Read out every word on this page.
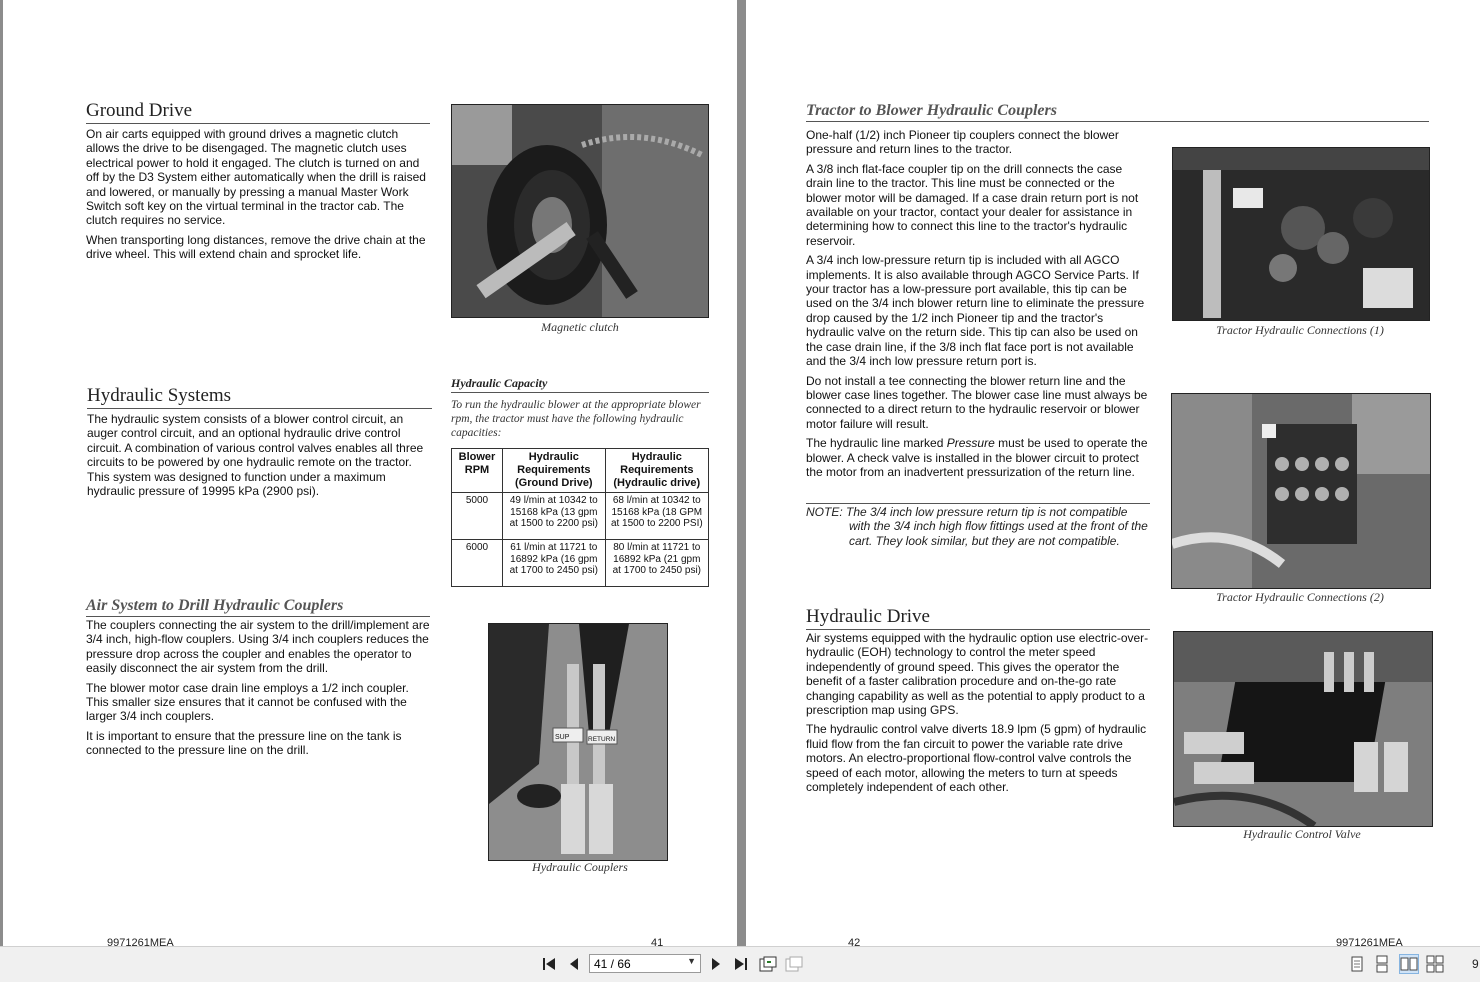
Ground Drive

On air carts equipped with ground drives a magnetic clutch allows the drive to be disengaged. The magnetic clutch uses electrical power to hold it engaged. The clutch is turned on and off by the D3 System either automatically when the drill is raised and lowered, or manually by pressing a manual Master Work Switch soft key on the virtual terminal in the tractor cab. The clutch requires no service.

When transporting long distances, remove the drive chain at the drive wheel. This will extend chain and sprocket life.

Magnetic clutch
Hydraulic Systems

The hydraulic system consists of a blower control circuit, an auger control circuit, and an optional hydraulic drive control circuit. A combination of various control valves enables all three circuits to be powered by one hydraulic remote on the tractor. This system was designed to function under a maximum hydraulic pressure of 19995 kPa (2900 psi).

Hydraulic Capacity
To run the hydraulic blower at the appropriate blower rpm, the tractor must have the following hydraulic capacities:
Blower RPM	Hydraulic Requirements (Ground Drive)	Hydraulic Requirements (Hydraulic drive)
5000	49 l/min at 10342 to 15168 kPa (13 gpm at 1500 to 2200 psi)	68 l/min at 10342 to 15168 kPa (18 GPM at 1500 to 2200 PSI)
6000	61 l/min at 11721 to 16892 kPa (16 gpm at 1700 to 2450 psi)	80 l/min at 11721 to 16892 kPa (21 gpm at 1700 to 2450 psi)
Air System to Drill Hydraulic Couplers

The couplers connecting the air system to the drill/implement are 3/4 inch, high-flow couplers. Using 3/4 inch couplers reduces the pressure drop across the coupler and enables the operator to easily disconnect the air system from the drill.

The blower motor case drain line employs a 1/2 inch coupler. This smaller size ensures that it cannot be confused with the larger 3/4 inch couplers.

It is important to ensure that the pressure line on the tank is connected to the pressure line on the drill.

SUP	RETURN
Hydraulic Couplers
9971261MEA	41
Tractor to Blower Hydraulic Couplers

One-half (1/2) inch Pioneer tip couplers connect the blower pressure and return lines to the tractor.

A 3/8 inch flat-face coupler tip on the drill connects the case drain line to the tractor. This line must be connected or the blower motor will be damaged. If a case drain return port is not available on your tractor, contact your dealer for assistance in determining how to connect this line to the tractor's hydraulic reservoir.

A 3/4 inch low-pressure return tip is included with all AGCO implements. It is also available through AGCO Service Parts. If your tractor has a low-pressure port available, this tip can be used on the 3/4 inch blower return line to eliminate the pressure drop caused by the 1/2 inch Pioneer tip and the tractor's hydraulic valve on the return side. This tip can also be used on the case drain line, if the 3/8 inch flat face port is not available and the 3/4 inch low pressure return port is.

Do not install a tee connecting the blower return line and the blower case lines together. The blower case line must always be connected to a direct return to the hydraulic reservoir or blower motor failure will result.

The hydraulic line marked Pressure must be used to operate the blower. A check valve is installed in the blower circuit to protect the motor from an inadvertent pressurization of the return line.

NOTE: The 3/4 inch low pressure return tip is not compatible with the 3/4 inch high flow fittings used at the front of the cart. They look similar, but they are not compatible.
Tractor Hydraulic Connections (1)
Tractor Hydraulic Connections (2)
Hydraulic Drive

Air systems equipped with the hydraulic option use electric-over-hydraulic (EOH) technology to control the meter speed independently of ground speed. This gives the operator the benefit of a faster calibration procedure and on-the-go rate changing capability as well as the potential to apply product to a prescription map using GPS.

The hydraulic control valve diverts 18.9 lpm (5 gpm) of hydraulic fluid flow from the fan circuit to power the variable rate drive motors. An electro-proportional flow-control valve controls the speed of each motor, allowing the meters to turn at speeds completely independent of each other.

Hydraulic Control Valve
42	9971261MEA
41 / 66	▼	9
